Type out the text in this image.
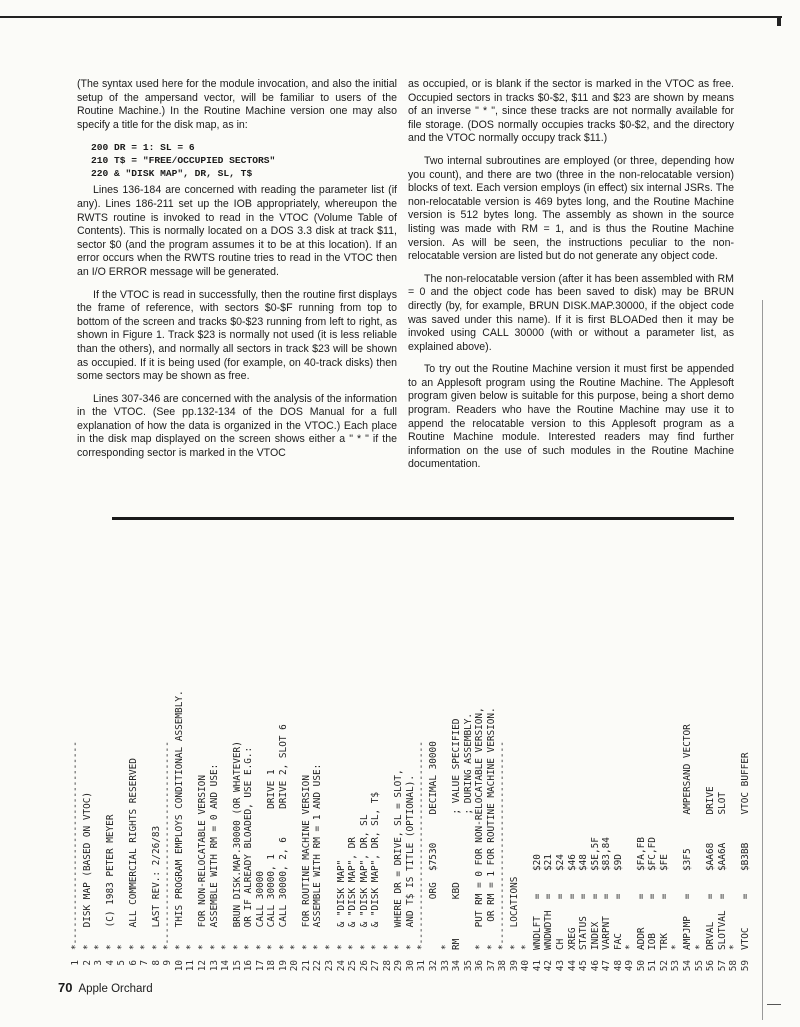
(The syntax used here for the module invocation, and also the initial setup of the ampersand vector, will be familiar to users of the Routine Machine.) In the Routine Machine version one may also specify a title for the disk map, as in:

200 DR = 1: SL = 6
210 T$ = "FREE/OCCUPIED SECTORS"
220 & "DISK MAP", DR, SL, T$

Lines 136-184 are concerned with reading the parameter list (if any). Lines 186-211 set up the IOB appropriately, whereupon the RWTS routine is invoked to read in the VTOC (Volume Table of Contents). This is normally located on a DOS 3.3 disk at track $11, sector $0 (and the program assumes it to be at this location). If an error occurs when the RWTS routine tries to read in the VTOC then an I/O ERROR message will be generated.

If the VTOC is read in successfully, then the routine first displays the frame of reference, with sectors $0-$F running from top to bottom of the screen and tracks $0-$23 running from left to right, as shown in Figure 1. Track $23 is normally not used (it is less reliable than the others), and normally all sectors in track $23 will be shown as occupied. If it is being used (for example, on 40-track disks) then some sectors may be shown as free.

Lines 307-346 are concerned with the analysis of the information in the VTOC. (See pp.132-134 of the DOS Manual for a full explanation of how the data is organized in the VTOC.) Each place in the disk map displayed on the screen shows either a " * " if the corresponding sector is marked in the VTOC

as occupied, or is blank if the sector is marked in the VTOC as free. Occupied sectors in tracks $0-$2, $11 and $23 are shown by means of an inverse " * ", since these tracks are not normally available for file storage. (DOS normally occupies tracks $0-$2, and the directory and the VTOC normally occupy track $11.)

Two internal subroutines are employed (or three, depending how you count), and there are two (three in the non-relocatable version) blocks of text. Each version employs (in effect) six internal JSRs. The non-relocatable version is 469 bytes long, and the Routine Machine version is 512 bytes long. The assembly as shown in the source listing was made with RM = 1, and is thus the Routine Machine version. As will be seen, the instructions peculiar to the non-relocatable version are listed but do not generate any object code.

The non-relocatable version (after it has been assembled with RM = 0 and the object code has been saved to disk) may be BRUN directly (by, for example, BRUN DISK.MAP.30000, if the object code was saved under this name). If it is first BLOADed then it may be invoked using CALL 30000 (with or without a parameter list, as explained above).

To try out the Routine Machine version it must first be appended to an Applesoft program using the Routine Machine. The Applesoft program given below is suitable for this purpose, being a short demo program. Readers who have the Routine Machine may use it to append the relocatable version to this Applesoft program as a Routine Machine module. Interested readers may find further information on the use of such modules in the Routine Machine documentation.

1*------------------------------------
2*   DISK MAP (BASED ON VTOC)
3*
4*   (C) 1983 PETER MEYER
5*
6*   ALL COMMERCIAL RIGHTS RESERVED
7*
8*   LAST REV.: 2/26/83
9*------------------------------------
10*   THIS PROGRAM EMPLOYS CONDITIONAL ASSEMBLY.
11*
12*   FOR NON-RELOCATABLE VERSION
13*   ASSEMBLE WITH RM = 0 AND USE:
14*
15*   BRUN DISK.MAP.30000 (OR WHATEVER)
16*   OR IF ALREADY BLOADED, USE E.G.:
17*   CALL 30000
18*   CALL 30000, 1        DRIVE 1
19*   CALL 30000, 2, 6     DRIVE 2, SLOT 6
20*
21*   FOR ROUTINE MACHINE VERSION
22*   ASSEMBLE WITH RM = 1 AND USE:
23*
24*   & "DISK MAP"
25*   & "DISK MAP", DR
26*   & "DISK MAP", DR, SL
27*   & "DISK MAP", DR, SL, T$
28*
29*   WHERE DR = DRIVE, SL = SLOT,
30*   AND T$ IS TITLE (OPTIONAL).
31*------------------------------------
32         ORG  $7530     DECIMAL 30000
33*
34RM       KBD            ; VALUE SPECIFIED
35                        ; DURING ASSEMBLY.
36*   PUT RM = 0 FOR NON-RELOCATABLE VERSION,
37*    OR RM = 1 FOR ROUTINE MACHINE VERSION.
38*------------------------------------
39*   LOCATIONS
40*
41WNDLFT   =    $20
42WNDWDTH  =    $21
43CH       =    $24
44XREG     =    $46
45STATUS   =    $48
46INDEX    =    $5E,5F
47VARPNT   =    $83,84
48FAC      =    $9D
49*
50ADDR     =    $FA,FB
51IOB      =    $FC,FD
52TRK      =    $FE
53*
54AMPJMP   =    $3F5      AMPERSAND VECTOR
55*
56DRVAL    =    $AA68     DRIVE
57SLOTVAL  =    $AA6A     SLOT
58*
59VTOC     =    $B3BB     VTOC BUFFER
70 Apple Orchard
